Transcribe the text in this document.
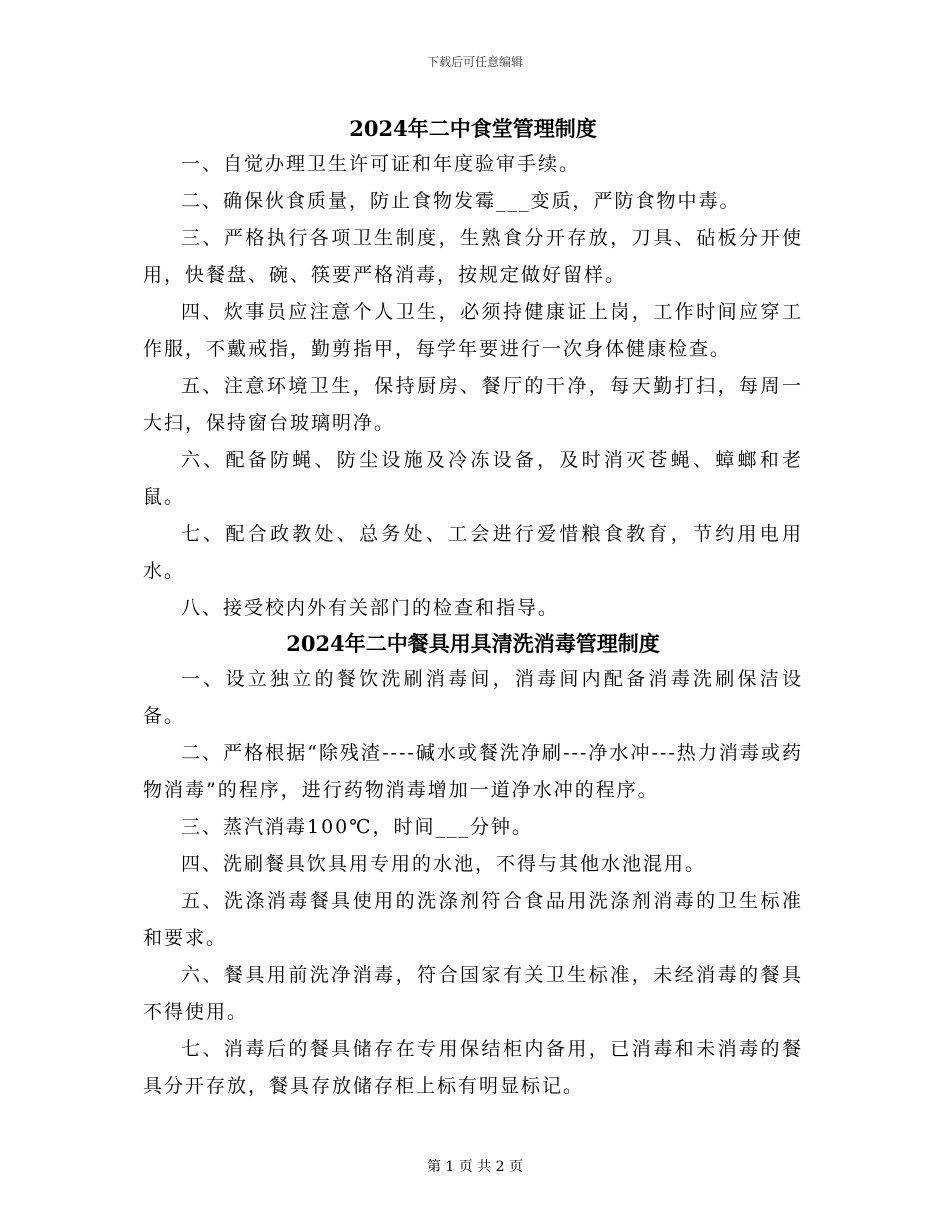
下载后可任意编辑
2024年二中食堂管理制度

一、自觉办理卫生许可证和年度验审手续。

二、确保伙食质量，防止食物发霉___变质，严防食物中毒。

三、严格执行各项卫生制度，生熟食分开存放，刀具、砧板分开使用，快餐盘、碗、筷要严格消毒，按规定做好留样。

四、炊事员应注意个人卫生，必须持健康证上岗，工作时间应穿工作服，不戴戒指，勤剪指甲，每学年要进行一次身体健康检查。

五、注意环境卫生，保持厨房、餐厅的干净，每天勤打扫，每周一大扫，保持窗台玻璃明净。

六、配备防蝇、防尘设施及冷冻设备，及时消灭苍蝇、蟑螂和老鼠。

七、配合政教处、总务处、工会进行爱惜粮食教育，节约用电用水。

八、接受校内外有关部门的检查和指导。

2024年二中餐具用具清洗消毒管理制度

一、设立独立的餐饮洗刷消毒间，消毒间内配备消毒洗刷保洁设备。

二、严格根据“除残渣----碱水或餐洗净刷---净水冲---热力消毒或药物消毒”的程序，进行药物消毒增加一道净水冲的程序。

三、蒸汽消毒100℃，时间___分钟。

四、洗刷餐具饮具用专用的水池，不得与其他水池混用。

五、洗涤消毒餐具使用的洗涤剂符合食品用洗涤剂消毒的卫生标准和要求。

六、餐具用前洗净消毒，符合国家有关卫生标准，未经消毒的餐具不得使用。

七、消毒后的餐具储存在专用保结柜内备用，已消毒和未消毒的餐具分开存放，餐具存放储存柜上标有明显标记。

第 1 页 共 2 页
